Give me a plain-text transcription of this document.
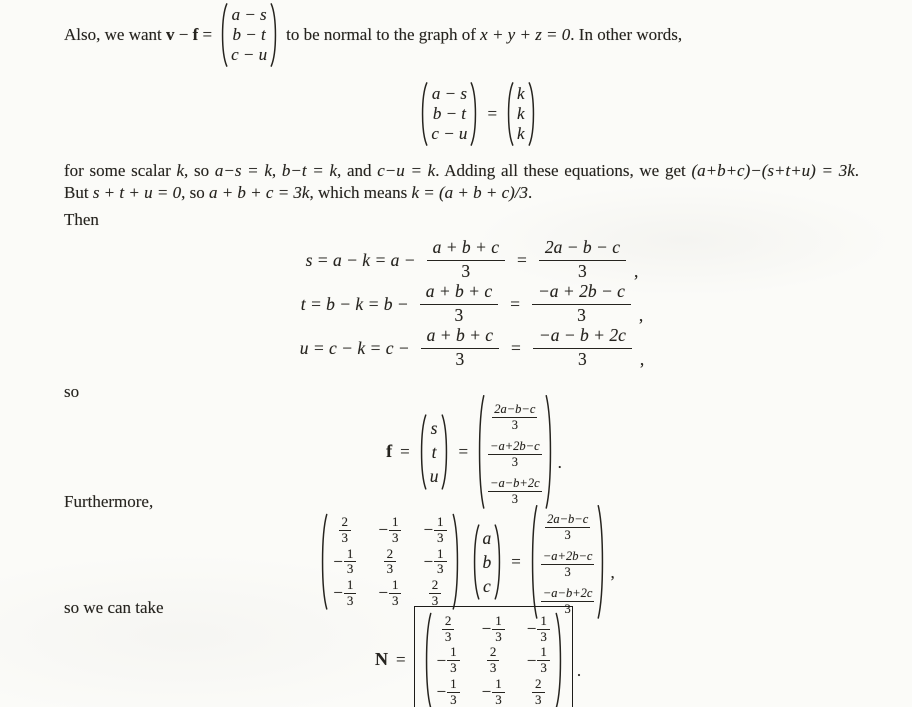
Also, we want v − f =
a − s
b − t
c − u
to be normal to the graph of x + y + z = 0. In other words,
a − s
b − t
c − u
=
k
k
k
for some scalar k, so a−s = k, b−t = k, and c−u = k. Adding all these equations, we get (a+b+c)−(s+t+u) = 3k.
But s + t + u = 0, so a + b + c = 3k, which means k = (a + b + c)/3.
Then
$s = a - k = a - \frac{a + b + c}{3} = \frac{2a - b - c}{3}$ ,
$t = b - k = b - \frac{a + b + c}{3} = \frac{-a + 2b - c}{3}$ ,
$u = c - k = c - \frac{a + b + c}{3} = \frac{-a - b + 2c}{3}$ ,
so
f =
s
t
u
=
$\frac{2a-b-c}{3}$
$\frac{-a+2b-c}{3}$
$\frac{-a-b+2c}{3}$
.
Furthermore,
$\frac{2}{3} - \frac{1}{3} - \frac{1}{3}$
− $\frac{1}{3} \frac{2}{3} - \frac{1}{3}$
− $\frac{1}{3} - \frac{1}{3} \frac{2}{3}$
a
b
c
=
$\frac{2a-b-c}{3}$
$\frac{-a+2b-c}{3}$
$\frac{-a-b+2c}{3}$
,
so we can take
N =
$\frac{2}{3} - \frac{1}{3} - \frac{1}{3}$
− $\frac{1}{3} \frac{2}{3} - \frac{1}{3}$
− $\frac{1}{3} - \frac{1}{3} \frac{2}{3}$
.
